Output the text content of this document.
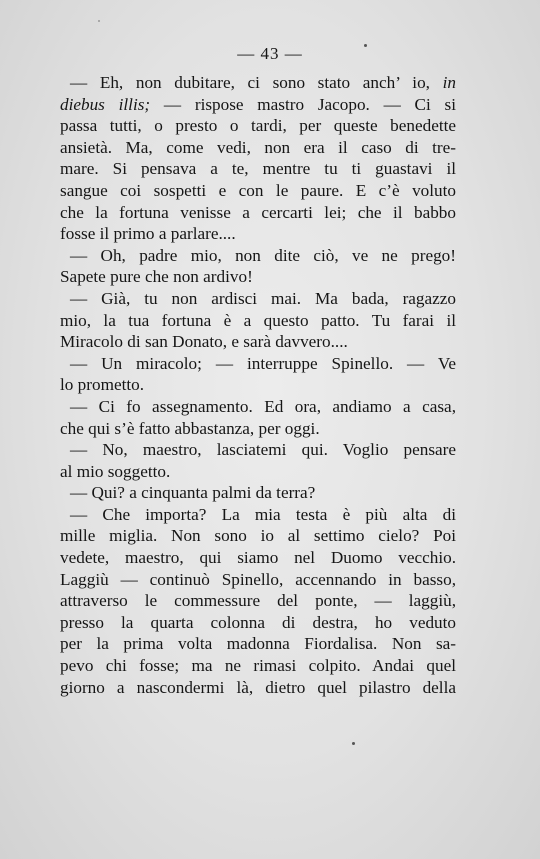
— 43 —
— Eh, non dubitare, ci sono stato anch’ io, in
diebus illis; — rispose mastro Jacopo. — Ci si
passa tutti, o presto o tardi, per queste benedette
ansietà. Ma, come vedi, non era il caso di tre-
mare. Si pensava a te, mentre tu ti guastavi il
sangue coi sospetti e con le paure. E c’è voluto
che la fortuna venisse a cercarti lei; che il babbo
fosse il primo a parlare....
— Oh, padre mio, non dite ciò, ve ne prego!
Sapete pure che non ardivo!
— Già, tu non ardisci mai. Ma bada, ragazzo
mio, la tua fortuna è a questo patto. Tu farai il
Miracolo di san Donato, e sarà davvero....
— Un miracolo; — interruppe Spinello. — Ve
lo prometto.
— Ci fo assegnamento. Ed ora, andiamo a casa,
che qui s’è fatto abbastanza, per oggi.
— No, maestro, lasciatemi qui. Voglio pensare
al mio soggetto.
— Qui? a cinquanta palmi da terra?
— Che importa? La mia testa è più alta di
mille miglia. Non sono io al settimo cielo? Poi
vedete, maestro, qui siamo nel Duomo vecchio.
Laggiù — continuò Spinello, accennando in basso,
attraverso le commessure del ponte, — laggiù,
presso la quarta colonna di destra, ho veduto
per la prima volta madonna Fiordalisa. Non sa-
pevo chi fosse; ma ne rimasi colpito. Andai quel
giorno a nascondermi là, dietro quel pilastro della
